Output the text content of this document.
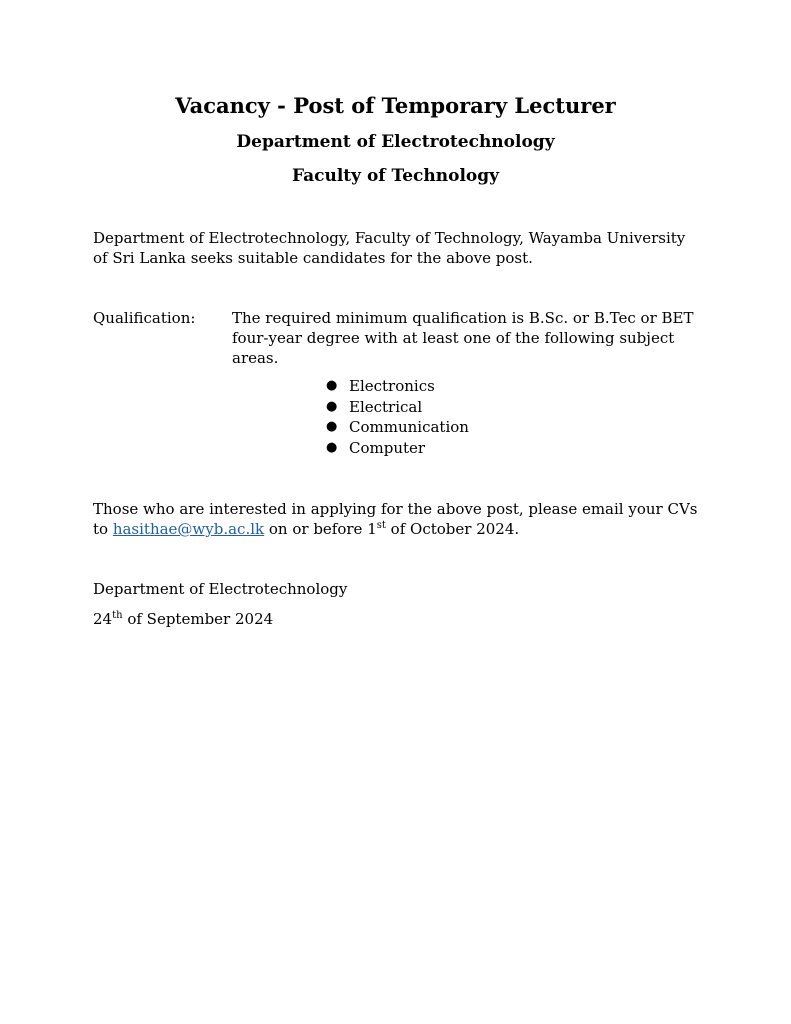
Vacancy - Post of Temporary Lecturer
Department of Electrotechnology
Faculty of Technology
Department of Electrotechnology, Faculty of Technology, Wayamba University
of Sri Lanka seeks suitable candidates for the above post.
Qualification: The required minimum qualification is B.Sc. or B.Tec or BET
four-year degree with at least one of the following subject
areas.
● Electronics
● Electrical
● Communication
● Computer
Those who are interested in applying for the above post, please email your CVs
to hasithae@wyb.ac.lk on or before 1st of October 2024.
Department of Electrotechnology
24th of September 2024
